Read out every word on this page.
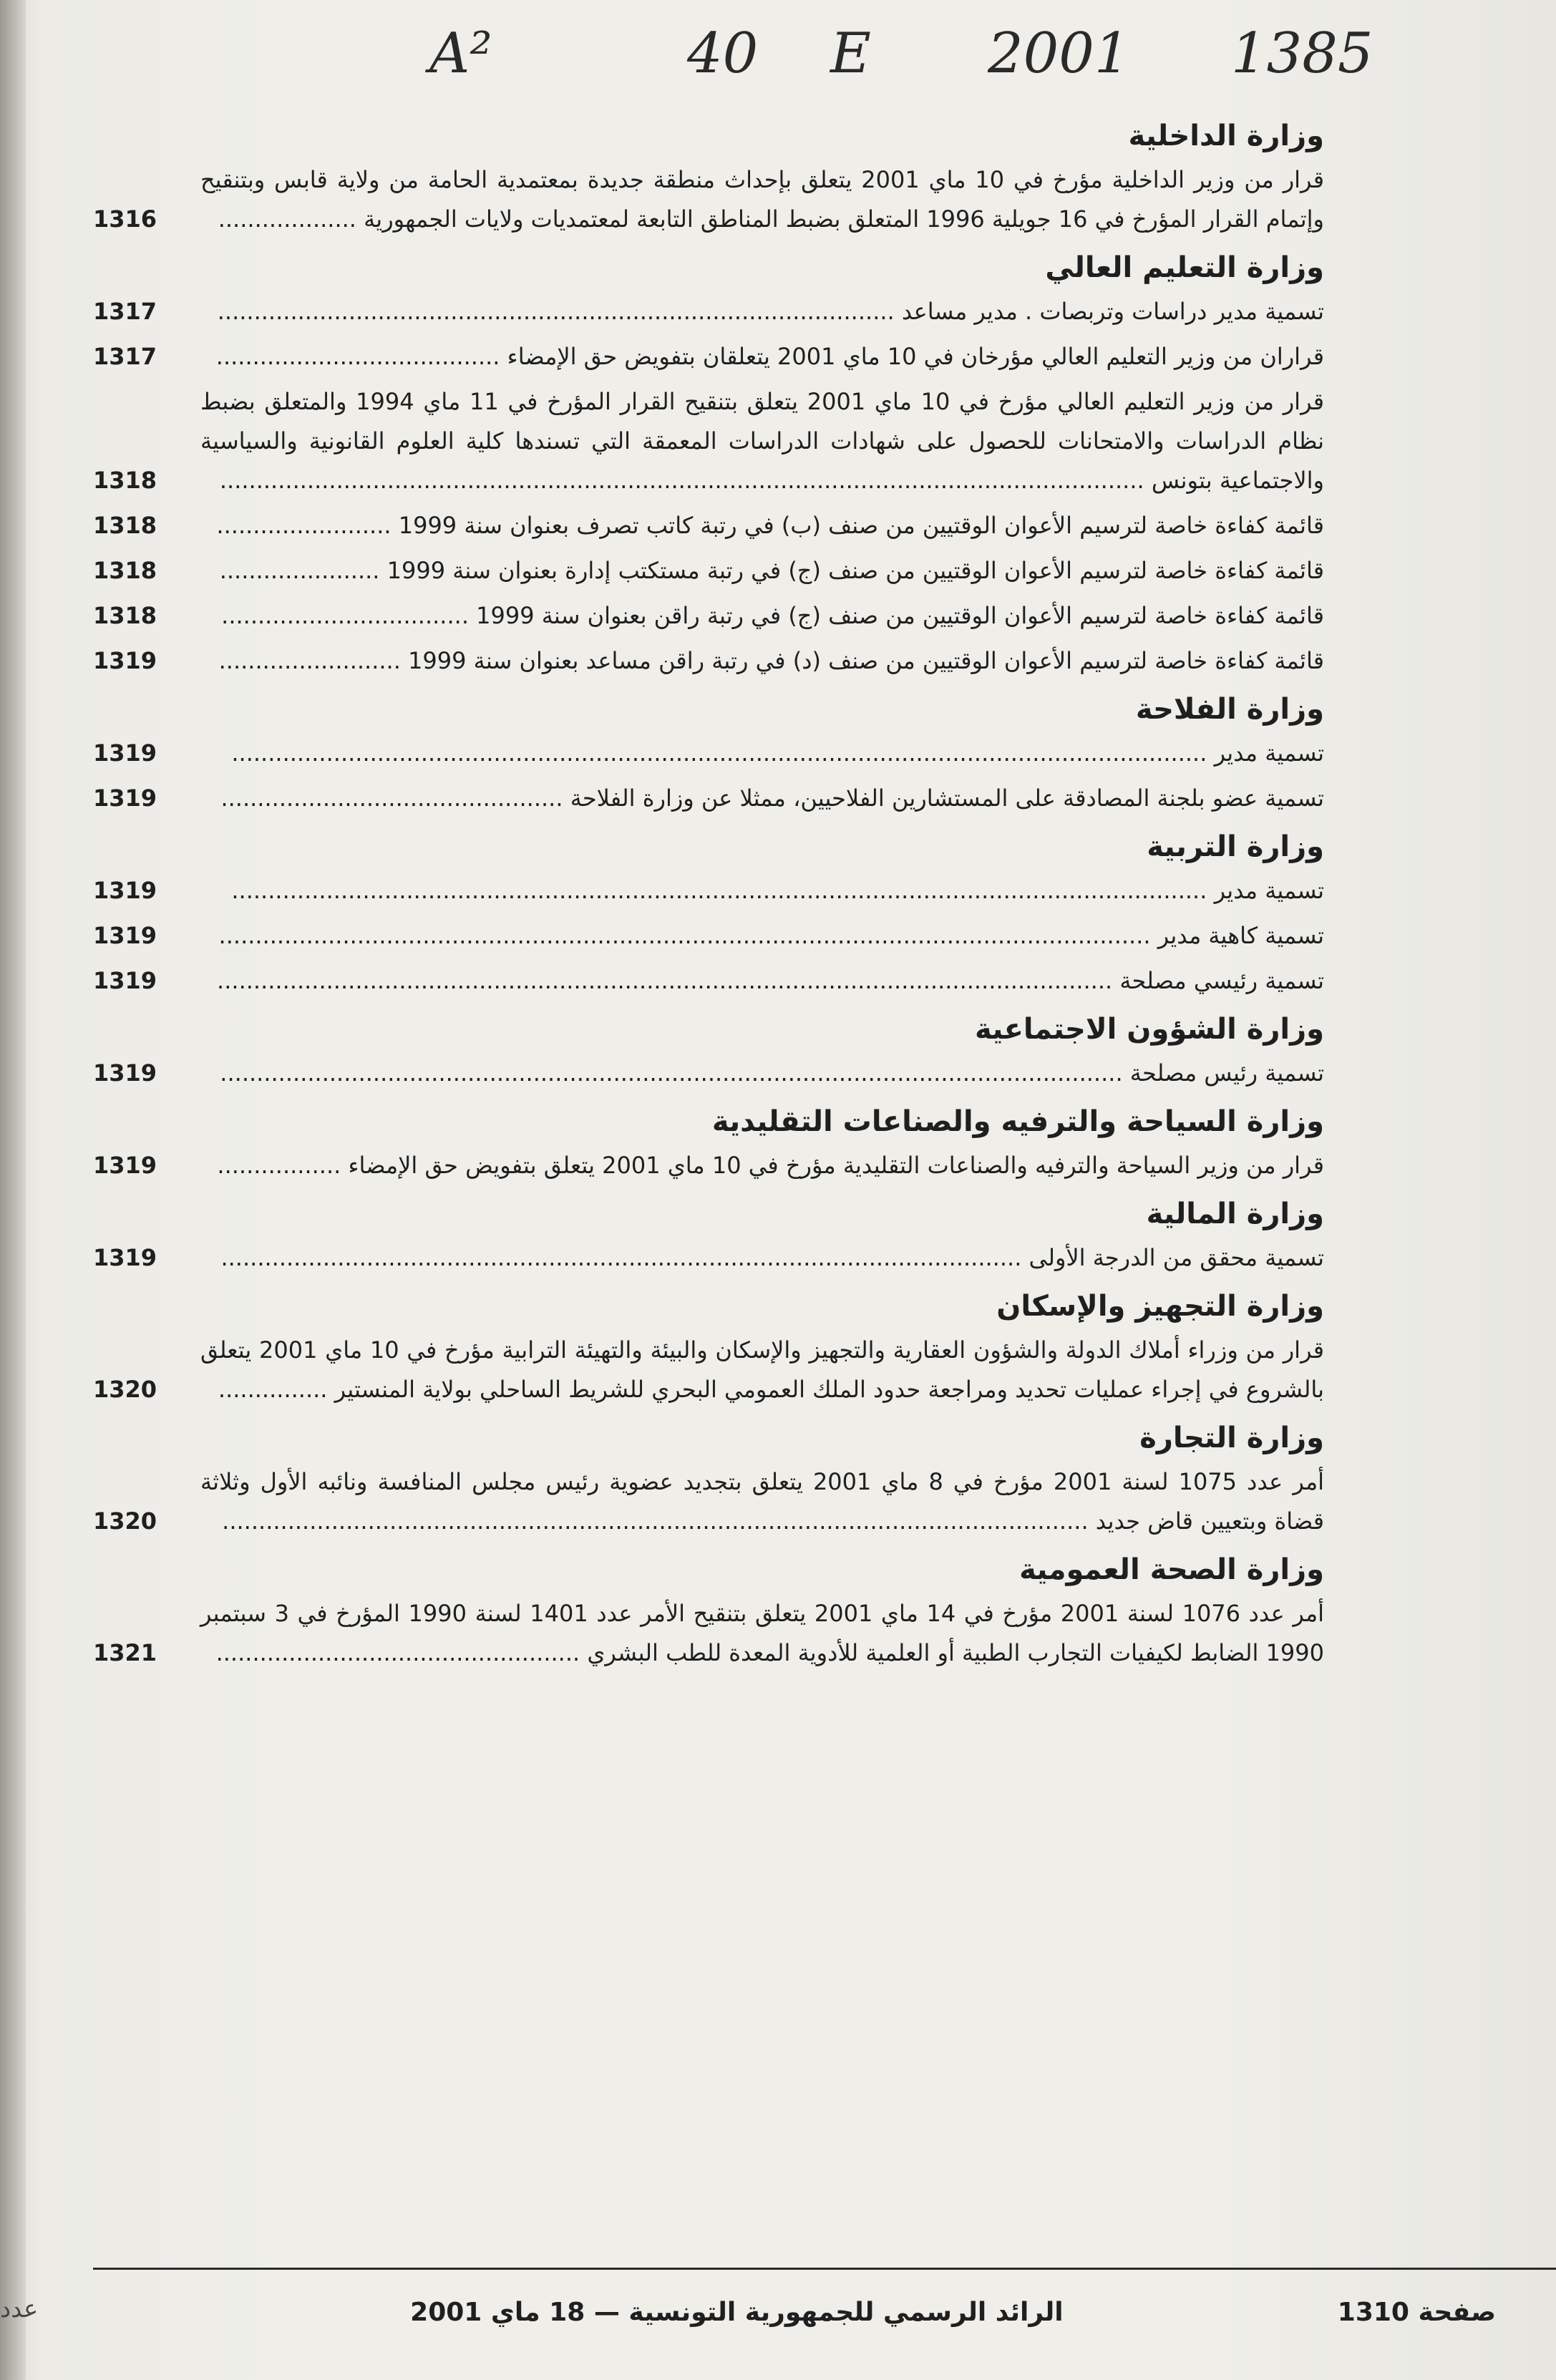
A²	40 E 2001 1385
وزارة الداخلية
قرار من وزير الداخلية مؤرخ في 10 ماي 2001 يتعلق بإحداث منطقة جديدة بمعتمدية الحامة من ولاية قابس وبتنقيح وإتمام القرار المؤرخ في 16 جويلية 1996 المتعلق بضبط المناطق التابعة لمعتمديات ولايات الجمهورية ...................
1316
وزارة التعليم العالي
تسمية مدير دراسات وتربصات . مدير مساعد .............................................................................................
1317
قراران من وزير التعليم العالي مؤرخان في 10 ماي 2001 يتعلقان بتفويض حق الإمضاء .......................................
1317
قرار من وزير التعليم العالي مؤرخ في 10 ماي 2001 يتعلق بتنقيح القرار المؤرخ في 11 ماي 1994 والمتعلق بضبط نظام الدراسات والامتحانات للحصول على شهادات الدراسات المعمقة التي تسندها كلية العلوم القانونية والسياسية والاجتماعية بتونس ...............................................................................................................................
1318
قائمة كفاءة خاصة لترسيم الأعوان الوقتيين من صنف (ب) في رتبة كاتب تصرف بعنوان سنة 1999 ........................
1318
قائمة كفاءة خاصة لترسيم الأعوان الوقتيين من صنف (ج) في رتبة مستكتب إدارة بعنوان سنة 1999 ......................
1318
قائمة كفاءة خاصة لترسيم الأعوان الوقتيين من صنف (ج) في رتبة راقن بعنوان سنة 1999 ..................................
1318
قائمة كفاءة خاصة لترسيم الأعوان الوقتيين من صنف (د) في رتبة راقن مساعد بعنوان سنة 1999 .........................
1319
وزارة الفلاحة
تسمية مدير ......................................................................................................................................
1319
تسمية عضو بلجنة المصادقة على المستشارين الفلاحيين، ممثلا عن وزارة الفلاحة ...............................................
1319
وزارة التربية
تسمية مدير ......................................................................................................................................
1319
تسمية كاهية مدير ................................................................................................................................
1319
تسمية رئيسي مصلحة ...........................................................................................................................
1319
وزارة الشؤون الاجتماعية
تسمية رئيس مصلحة ............................................................................................................................
1319
وزارة السياحة والترفيه والصناعات التقليدية
قرار من وزير السياحة والترفيه والصناعات التقليدية مؤرخ في 10 ماي 2001 يتعلق بتفويض حق الإمضاء .................
1319
وزارة المالية
تسمية محقق من الدرجة الأولى ..............................................................................................................
1319
وزارة التجهيز والإسكان
قرار من وزراء أملاك الدولة والشؤون العقارية والتجهيز والإسكان والبيئة والتهيئة الترابية مؤرخ في 10 ماي 2001 يتعلق بالشروع في إجراء عمليات تحديد ومراجعة حدود الملك العمومي البحري للشريط الساحلي بولاية المنستير ...............
1320
وزارة التجارة
أمر عدد 1075 لسنة 2001 مؤرخ في 8 ماي 2001 يتعلق بتجديد عضوية رئيس مجلس المنافسة ونائبه الأول وثلاثة قضاة وبتعيين قاض جديد .......................................................................................................................
1320
وزارة الصحة العمومية
أمر عدد 1076 لسنة 2001 مؤرخ في 14 ماي 2001 يتعلق بتنقيح الأمر عدد 1401 لسنة 1990 المؤرخ في 3 سبتمبر 1990 الضابط لكيفيات التجارب الطبية أو العلمية للأدوية المعدة للطب البشري ..................................................
1321
صفحة 1310
الرائد الرسمي للجمهورية التونسية — 18 ماي 2001
عدد
